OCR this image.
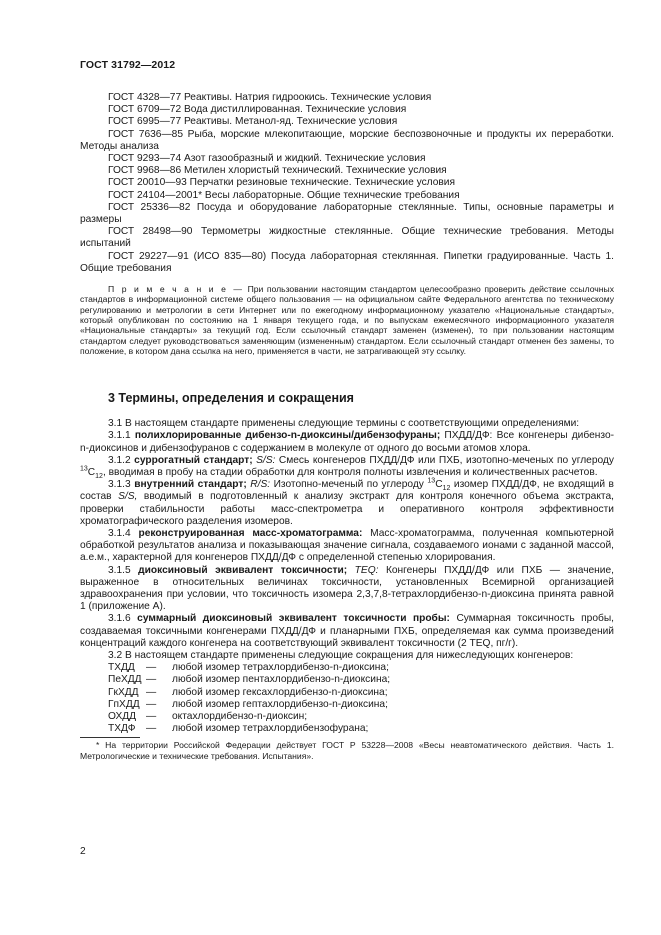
ГОСТ 31792—2012

ГОСТ 4328—77 Реактивы. Натрия гидроокись. Технические условия

ГОСТ 6709—72 Вода дистиллированная. Технические условия

ГОСТ 6995—77 Реактивы. Метанол-яд. Технические условия

ГОСТ 7636—85 Рыба, морские млекопитающие, морские беспозвоночные и продукты их переработки. Методы анализа

ГОСТ 9293—74 Азот газообразный и жидкий. Технические условия

ГОСТ 9968—86 Метилен хлористый технический. Технические условия

ГОСТ 20010—93 Перчатки резиновые технические. Технические условия

ГОСТ 24104—2001* Весы лабораторные. Общие технические требования

ГОСТ 25336—82 Посуда и оборудование лабораторные стеклянные. Типы, основные параметры и размеры

ГОСТ 28498—90 Термометры жидкостные стеклянные. Общие технические требования. Методы испытаний

ГОСТ 29227—91 (ИСО 835—80) Посуда лабораторная стеклянная. Пипетки градуированные. Часть 1. Общие требования

П р и м е ч а н и е — При пользовании настоящим стандартом целесообразно проверить действие ссылочных стандартов в информационной системе общего пользования — на официальном сайте Федерального агентства по техническому регулированию и метрологии в сети Интернет или по ежегодному информационному указателю «Национальные стандарты», который опубликован по состоянию на 1 января текущего года, и по выпускам ежемесячного информационного указателя «Национальные стандарты» за текущий год. Если ссылочный стандарт заменен (изменен), то при пользовании настоящим стандартом следует руководствоваться заменяющим (измененным) стандартом. Если ссылочный стандарт отменен без замены, то положение, в котором дана ссылка на него, применяется в части, не затрагивающей эту ссылку.
3 Термины, определения и сокращения

3.1 В настоящем стандарте применены следующие термины с соответствующими определениями:

3.1.1 полихлорированные дибензо-n-диоксины/дибензофураны; ПХДД/ДФ: Все конгенеры дибензо-n-диоксинов и дибензофуранов с содержанием в молекуле от одного до восьми атомов хлора.

3.1.2 суррогатный стандарт; S/S: Смесь конгенеров ПХДД/ДФ или ПХБ, изотопно-меченых по углероду $^{13}C_{12}$, вводимая в пробу на стадии обработки для контроля полноты извлечения и количественных расчетов.

3.1.3 внутренний стандарт; R/S: Изотопно-меченый по углероду $^{13}C_{12}$ изомер ПХДД/ДФ, не входящий в состав S/S, вводимый в подготовленный к анализу экстракт для контроля конечного объема экстракта, проверки стабильности работы масс-спектрометра и оперативного контроля эффективности хроматографического разделения изомеров.

3.1.4 реконструированная масс-хроматограмма: Масс-хроматограмма, полученная компьютерной обработкой результатов анализа и показывающая значение сигнала, создаваемого ионами с заданной массой, а.е.м., характерной для конгенеров ПХДД/ДФ с определенной степенью хлорирования.

3.1.5 диоксиновый эквивалент токсичности; TEQ: Конгенеры ПХДД/ДФ или ПХБ — значение, выраженное в относительных величинах токсичности, установленных Всемирной организацией здравоохранения при условии, что токсичность изомера 2,3,7,8-тетрахлордибензо-n-диоксина принята равной 1 (приложение А).

3.1.6 суммарный диоксиновый эквивалент токсичности пробы: Суммарная токсичность пробы, создаваемая токсичными конгенерами ПХДД/ДФ и планарными ПХБ, определяемая как сумма произведений концентраций каждого конгенера на соответствующий эквивалент токсичности (2 TEQ, пг/г).

3.2 В настоящем стандарте применены следующие сокращения для нижеследующих конгенеров:

ТХДД	—	любой изомер тетрахлордибензо-n-диоксина;
ПеХДД —	любой изомер пентахлордибензо-n-диоксина;
ГкХДД —	любой изомер гексахлордибензо-n-диоксина;
ГпХДД —	любой изомер гептахлордибензо-n-диоксина;
ОХДД —	октахлордибензо-n-диоксин;
ТХДФ	—	любой изомер тетрахлордибензофурана;
* На территории Российской Федерации действует ГОСТ Р 53228—2008 «Весы неавтоматического действия. Часть 1. Метрологические и технические требования. Испытания».
2
